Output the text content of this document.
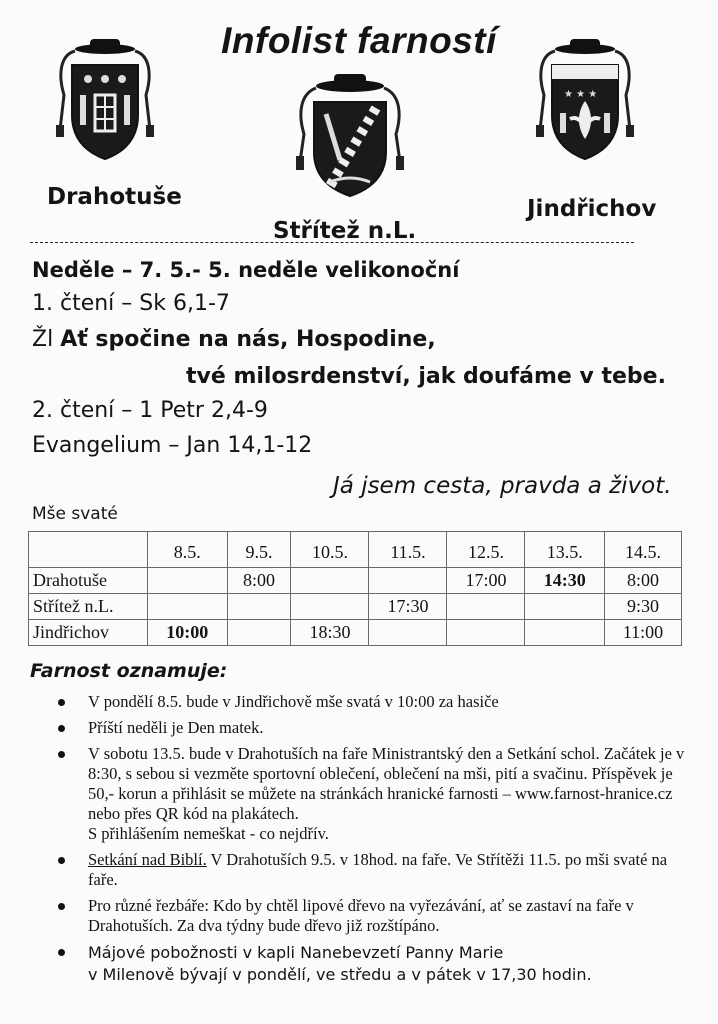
Infolist farností
★ ★ ★
Drahotuše
Střítež n.L.
Jindřichov
Neděle – 7. 5.- 5. neděle velikonoční
1. čtení – Sk 6,1-7
Žl Ať spočine na nás, Hospodine,
tvé milosrdenství, jak doufáme v tebe.
2. čtení – 1 Petr 2,4-9
Evangelium – Jan 14,1-12
Já jsem cesta, pravda a život.
Mše svaté
	8.5.	9.5.	10.5.	11.5.	12.5.	13.5.	14.5.
Drahotuše		8:00			17:00	14:30	8:00
Střítež n.L.				17:30			9:30
Jindřichov	10:00		18:30				11:00
Farnost oznamuje:
V pondělí 8.5. bude v Jindřichově mše svatá v 10:00 za hasiče
Příští neděli je Den matek.
V sobotu 13.5. bude v Drahotuších na faře Ministrantský den a Setkání schol. Začátek je v 8:30, s sebou si vezměte sportovní oblečení, oblečení na mši, pití a svačinu. Příspěvek je 50,- korun a přihlásit se můžete na stránkách hranické farnosti – www.farnost-hranice.cz nebo přes QR kód na plakátech.
S přihlášením nemeškat - co nejdřív.
Setkání nad Biblí. V Drahotuších 9.5. v 18hod. na faře. Ve Střítěži 11.5. po mši svaté na faře.
Pro různé řezbáře: Kdo by chtěl lipové dřevo na vyřezávání, ať se zastaví na faře v Drahotuších. Za dva týdny bude dřevo již rozštípáno.
Májové pobožnosti v kapli Nanebevzetí Panny Marie
v Milenově bývají v pondělí, ve středu a v pátek v 17,30 hodin.
